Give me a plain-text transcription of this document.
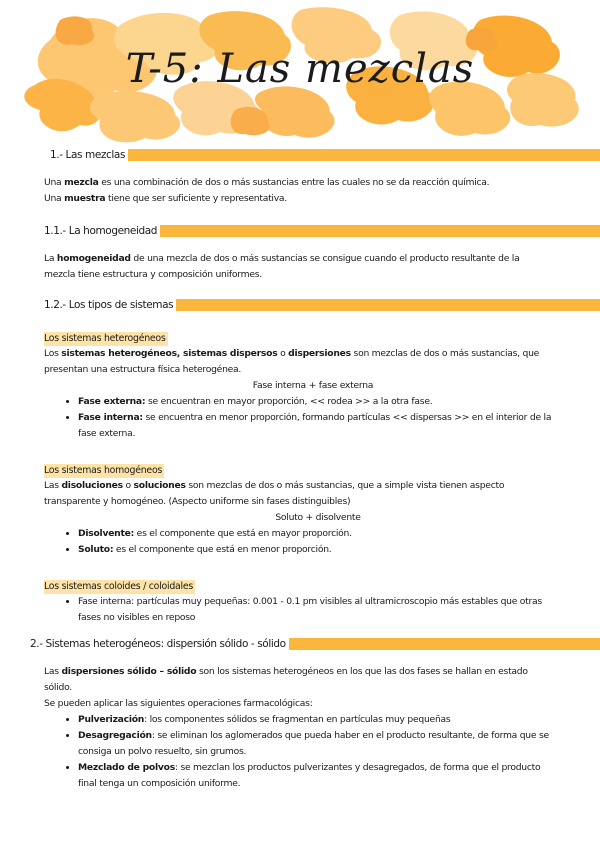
T-5: Las mezclas
1.- Las mezclas

Una mezcla es una combinación de dos o más sustancias entre las cuales no se da reacción química.

Una muestra tiene que ser suficiente y representativa.

1.1.- La homogeneidad

La homogeneidad de una mezcla de dos o más sustancias se consigue cuando el producto resultante de la mezcla tiene estructura y composición uniformes.

1.2.- Los tipos de sistemas
Los sistemas heterogéneos

Los sistemas heterogéneos, sistemas dispersos o dispersiones son mezclas de dos o más sustancias, que presentan una estructura física heterogénea.

Fase interna + fase externa

• Fase externa: se encuentran en mayor proporción, << rodea >> a la otra fase.
• Fase interna: se encuentra en menor proporción, formando partículas << dispersas >> en el interior de la fase externa.
Los sistemas homogéneos

Las disoluciones o soluciones son mezclas de dos o más sustancias, que a simple vista tienen aspecto transparente y homogéneo. (Aspecto uniforme sin fases distinguibles)

Soluto + disolvente

• Disolvente: es el componente que está en mayor proporción.
• Soluto: es el componente que está en menor proporción.
Los sistemas coloides / coloidales
• Fase interna: partículas muy pequeñas: 0.001 - 0.1 pm visibles al ultramicroscopio más estables que otras fases no visibles en reposo
2.- Sistemas heterogéneos: dispersión sólido - sólido

Las dispersiones sólido – sólido son los sistemas heterogéneos en los que las dos fases se hallan en estado sólido.

Se pueden aplicar las siguientes operaciones farmacológicas:

• Pulverización: los componentes sólidos se fragmentan en partículas muy pequeñas
• Desagregación: se eliminan los aglomerados que pueda haber en el producto resultante, de forma que se consiga un polvo resuelto, sin grumos.
• Mezclado de polvos: se mezclan los productos pulverizantes y desagregados, de forma que el producto final tenga un composición uniforme.
